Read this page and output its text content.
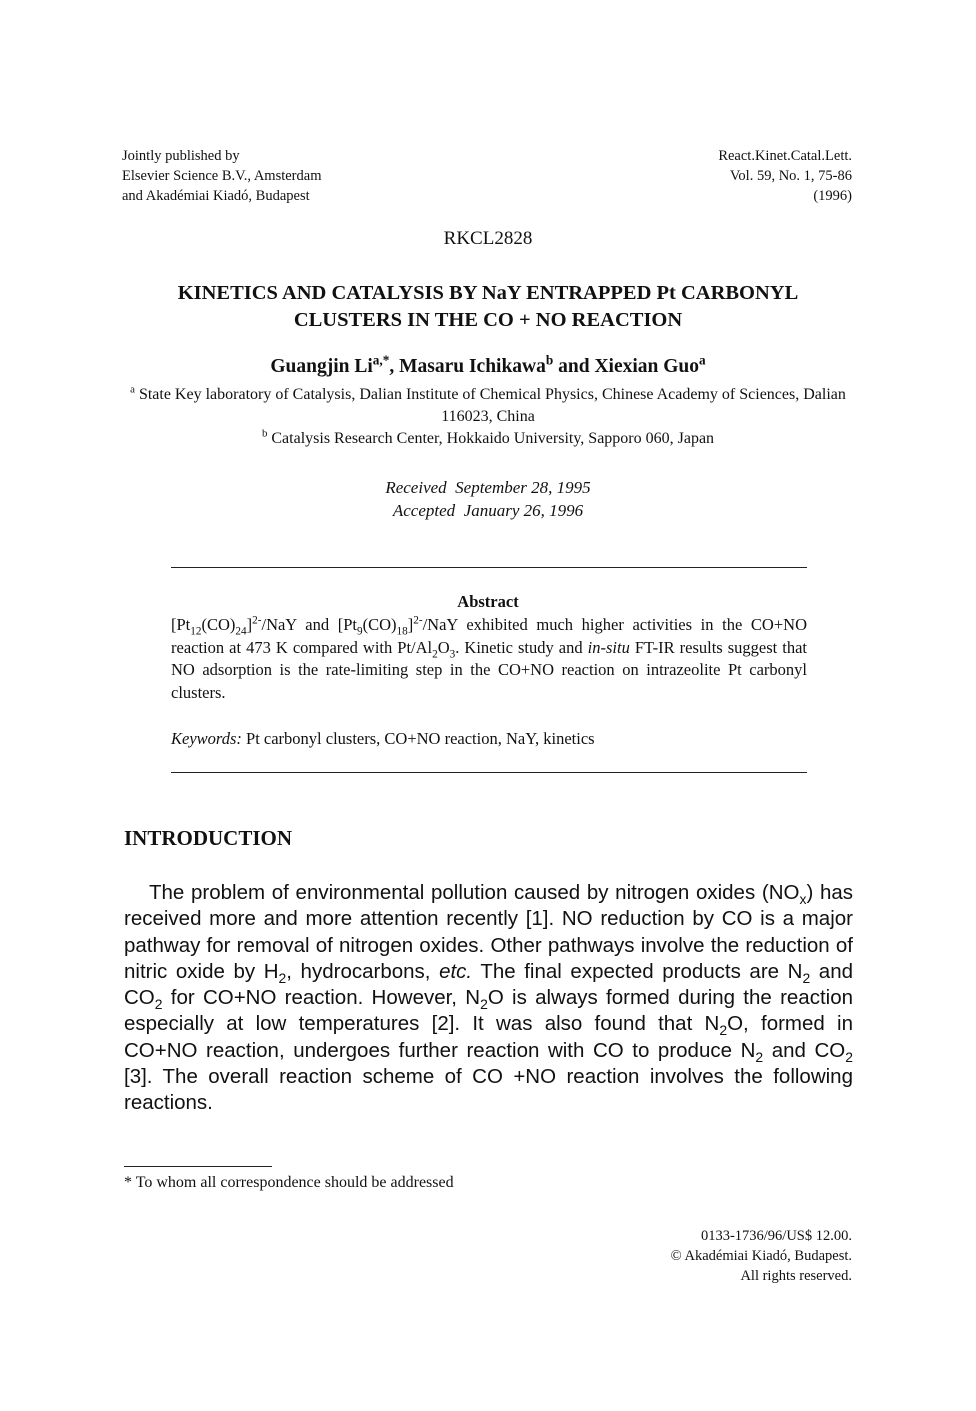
Jointly published by
Elsevier Science B.V., Amsterdam
and Akadémiai Kiadó, Budapest
React.Kinet.Catal.Lett.
Vol. 59, No. 1, 75-86
(1996)
RKCL2828
KINETICS AND CATALYSIS BY NaY ENTRAPPED Pt CARBONYL
CLUSTERS IN THE CO + NO REACTION
Guangjin $Li^{a,*}$, Masaru Ichikawa$^b$ and Xiexian Guo$^a$
$^a$ State Key laboratory of Catalysis, Dalian Institute of Chemical Physics, Chinese Academy of Sciences, Dalian 116023, China
$^b$ Catalysis Research Center, Hokkaido University, Sapporo 060, Japan
Received  September 28, 1995
Accepted  January 26, 1996
Abstract
$[Pt_{12}(CO)_{24}]^{2-}$/NaY and $[Pt_9(CO)_{18}]^{2-}$/NaY exhibited much higher activities in the CO+NO reaction at 473 K compared with $Pt/Al_2O_3$. Kinetic study and in-situ FT-IR results suggest that NO adsorption is the rate-limiting step in the CO+NO reaction on intrazeolite Pt carbonyl clusters.
Keywords: Pt carbonyl clusters, CO+NO reaction, NaY, kinetics
INTRODUCTION

The problem of environmental pollution caused by nitrogen oxides $(NO_x)$ has received more and more attention recently [1]. NO reduction by CO is a major pathway for removal of nitrogen oxides. Other pathways involve the reduction of nitric oxide by $H_2$, hydrocarbons, etc. The final expected products are $N_2$ and $CO_2$ for CO+NO reaction. However, $N_2O$ is always formed during the reaction especially at low temperatures [2]. It was also found that $N_2O$, formed in CO+NO reaction, undergoes further reaction with CO to produce $N_2$ and $CO_2$ [3]. The overall reaction scheme of CO +NO reaction involves the following reactions.

* To whom all correspondence should be addressed
0133-1736/96/US$ 12.00.
© Akadémiai Kiadó, Budapest.
All rights reserved.
